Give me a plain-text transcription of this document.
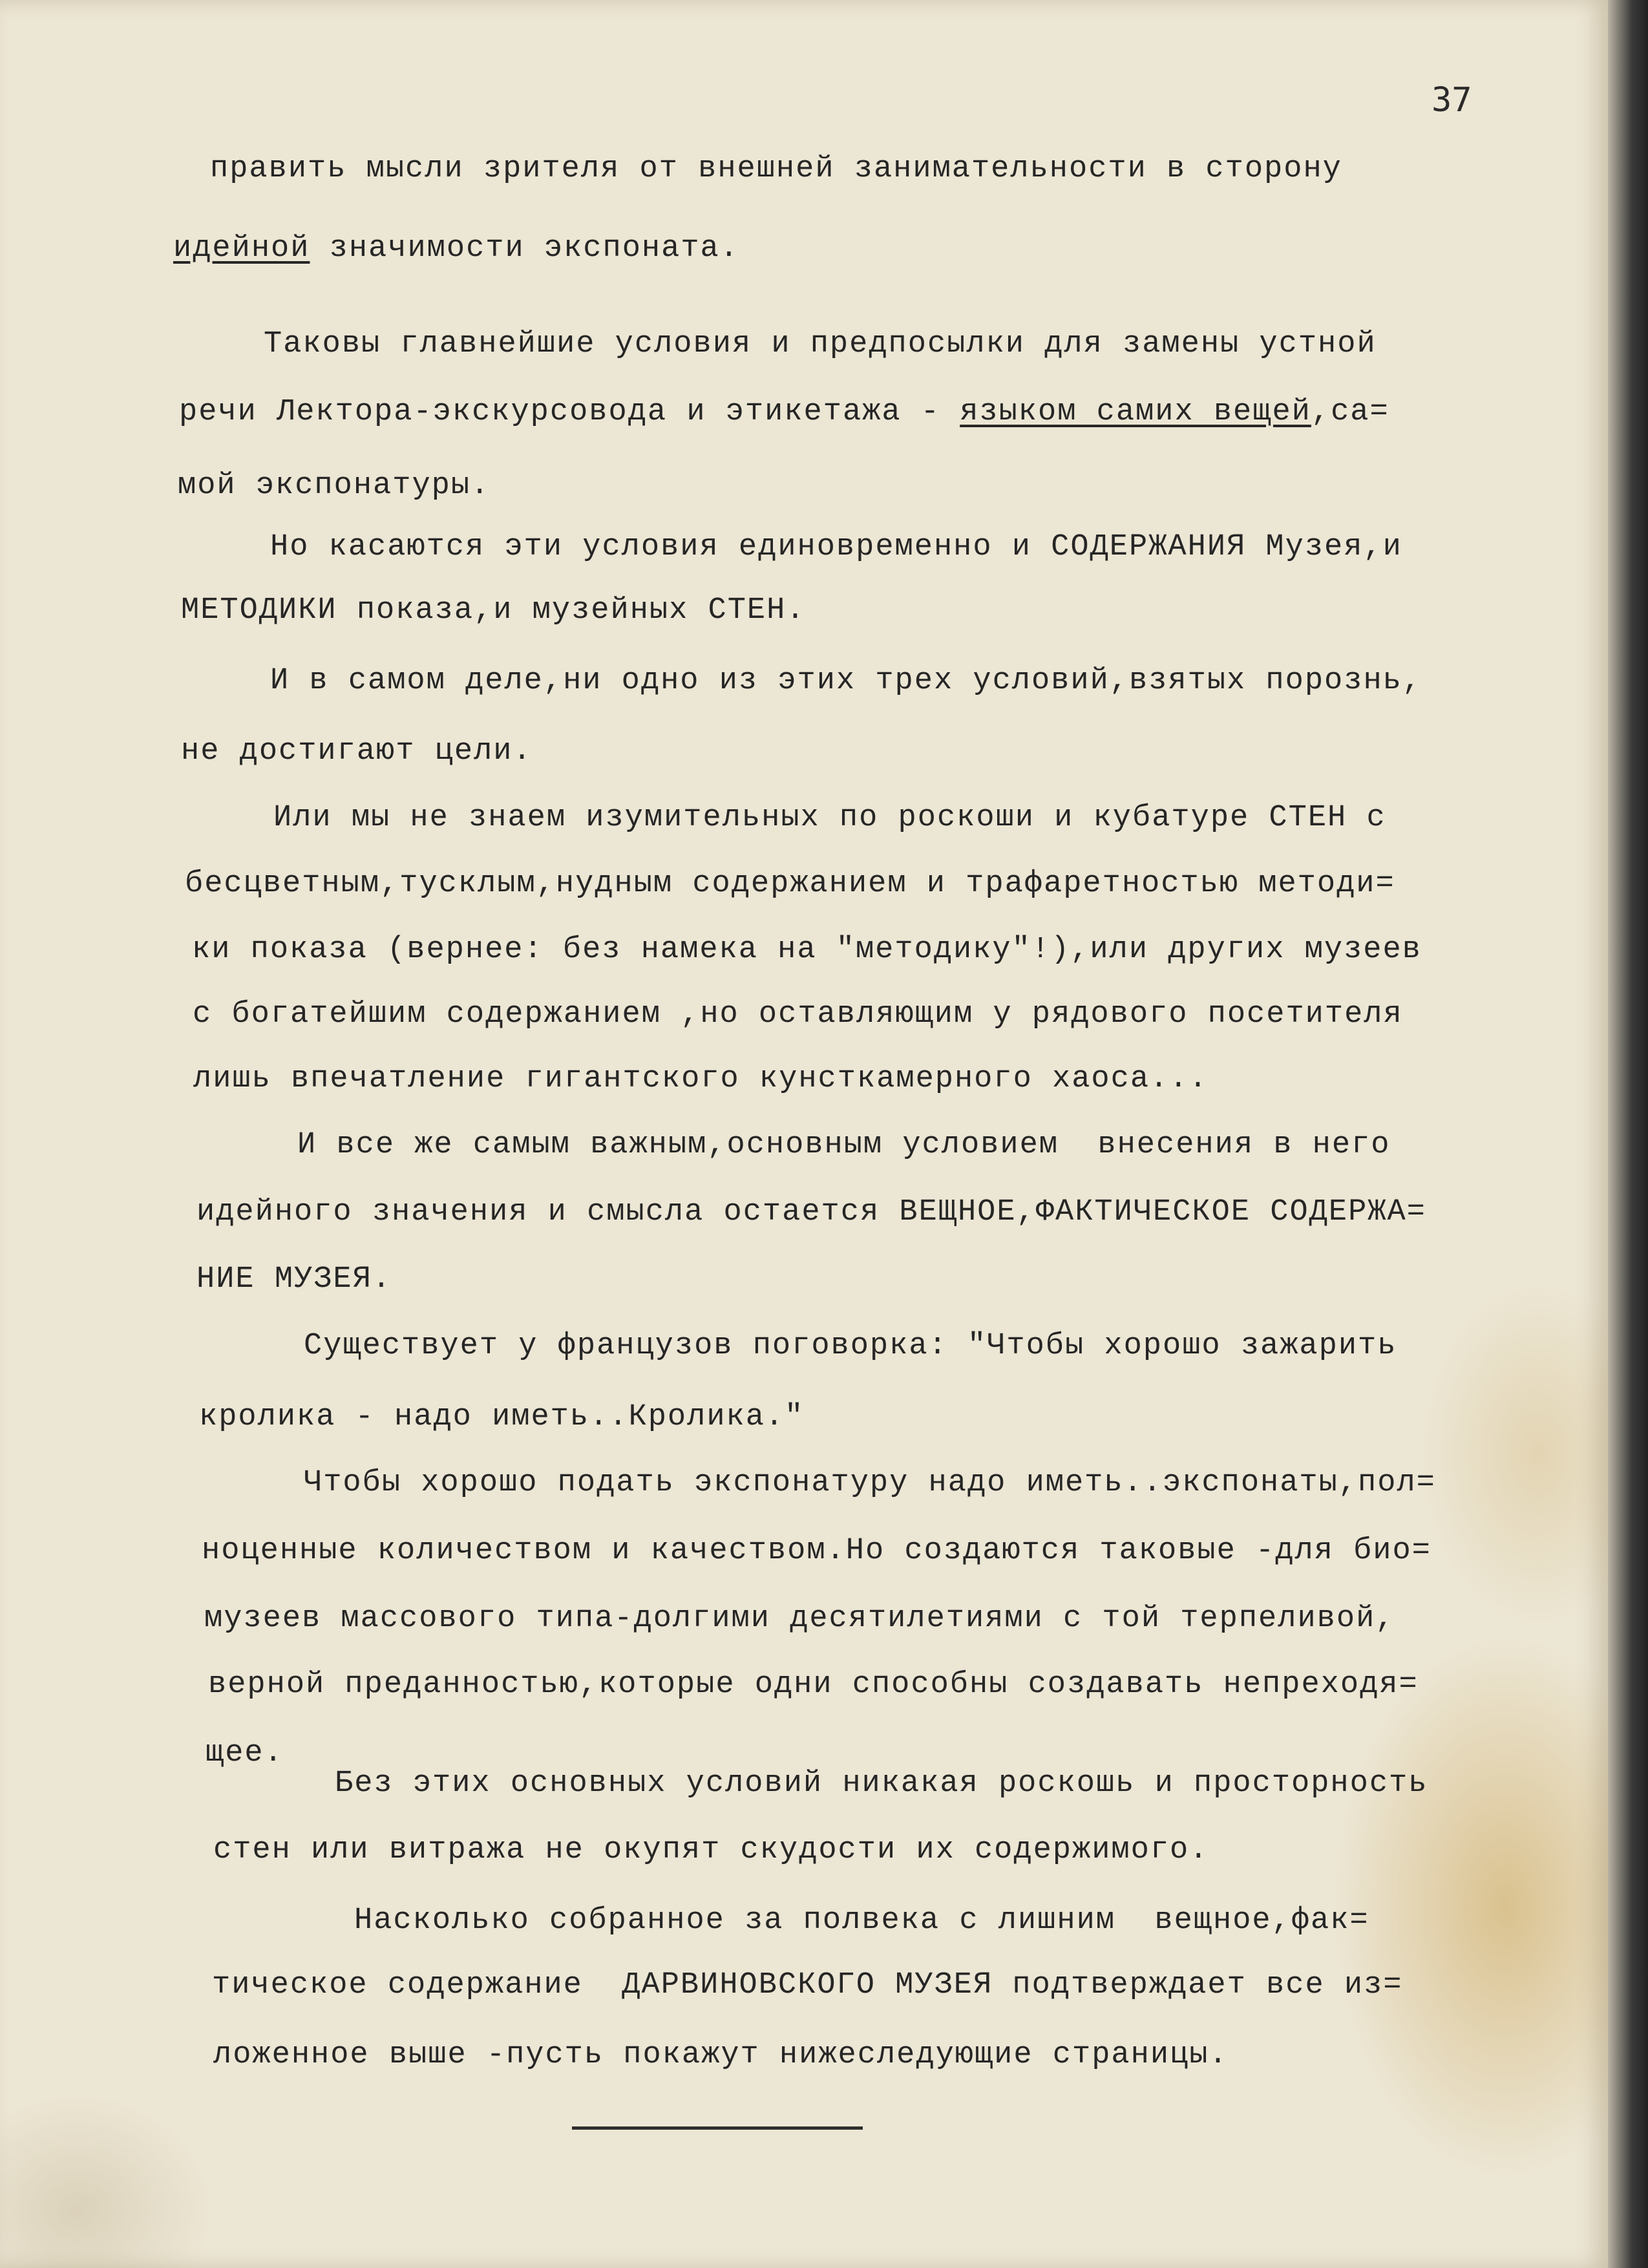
37
править мысли зрителя от внешней занимательности в сторону
идейной значимости экспоната.
Таковы главнейшие условия и предпосылки для замены устной
речи Лектора-экскурсовода и этикетажа - языком самих вещей,са=
мой экспонатуры.
Но касаются эти условия единовременно и СОДЕРЖАНИЯ Музея,и
МЕТОДИКИ показа,и музейных СТЕН.
И в самом деле,ни одно из этих трех условий,взятых порознь,
не достигают цели.
Или мы не знаем изумительных по роскоши и кубатуре СТЕН с
бесцветным,тусклым,нудным содержанием и трафаретностью методи=
ки показа (вернее: без намека на "методику"!),или других музеев
с богатейшим содержанием ,но оставляющим у рядового посетителя
лишь впечатление гигантского кунсткамерного хаоса...
И все же самым важным,основным условием  внесения в него
идейного значения и смысла остается ВЕЩНОЕ,ФАКТИЧЕСКОЕ СОДЕРЖА=
НИЕ МУЗЕЯ.
Существует у французов поговорка: "Чтобы хорошо зажарить
кролика - надо иметь..Кролика."
Чтобы хорошо подать экспонатуру надо иметь..экспонаты,пол=
ноценные количеством и качеством.Но создаются таковые -для био=
музеев массового типа-долгими десятилетиями с той терпеливой,
верной преданностью,которые одни способны создавать непреходя=
щее.
Без этих основных условий никакая роскошь и просторность
стен или витража не окупят скудости их содержимого.
Насколько собранное за полвека с лишним  вещное,фак=
тическое содержание  ДАРВИНОВСКОГО МУЗЕЯ подтверждает все из=
ложенное выше -пусть покажут нижеследующие страницы.
